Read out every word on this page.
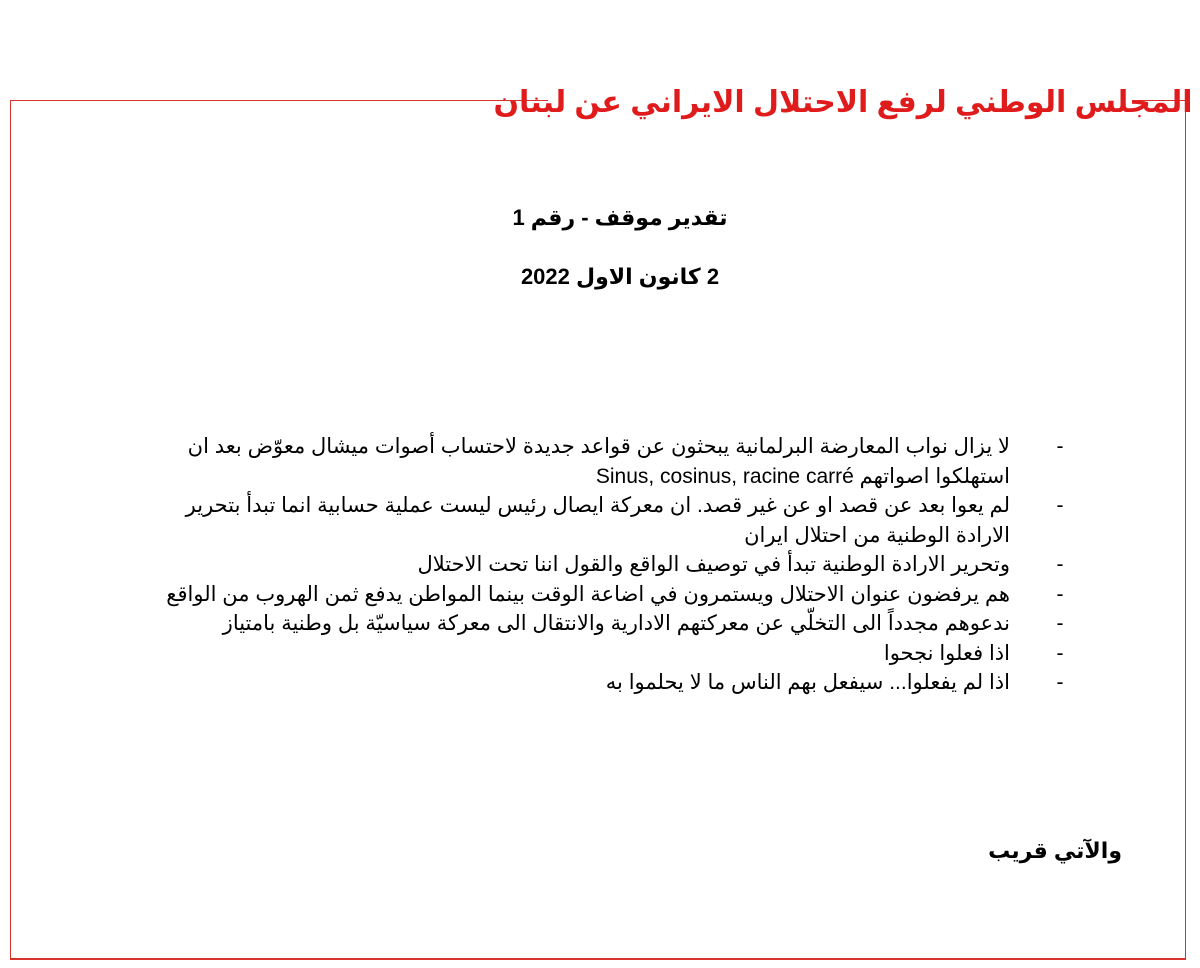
المجلس الوطني لرفع الاحتلال الايراني عن لبنان
تقدير موقف - رقم 1
2 كانون الاول 2022
-
لا يزال نواب المعارضة البرلمانية يبحثون عن قواعد جديدة لاحتساب أصوات ميشال معوّض بعد ان استهلكوا اصواتهم Sinus, cosinus, racine carré
-
لم يعوا بعد عن قصد او عن غير قصد. ان معركة ايصال رئيس ليست عملية حسابية انما تبدأ بتحرير الارادة الوطنية من احتلال ايران
-
وتحرير الارادة الوطنية تبدأ في توصيف الواقع والقول اننا تحت الاحتلال
-
هم يرفضون عنوان الاحتلال ويستمرون في اضاعة الوقت بينما المواطن يدفع ثمن الهروب من الواقع
-
ندعوهم مجدداً الى التخلّي عن معركتهم الادارية والانتقال الى معركة سياسيّة بل وطنية بامتياز
-
اذا فعلوا نجحوا
-
اذا لم يفعلوا... سيفعل بهم الناس ما لا يحلموا به
والآتي قريب
